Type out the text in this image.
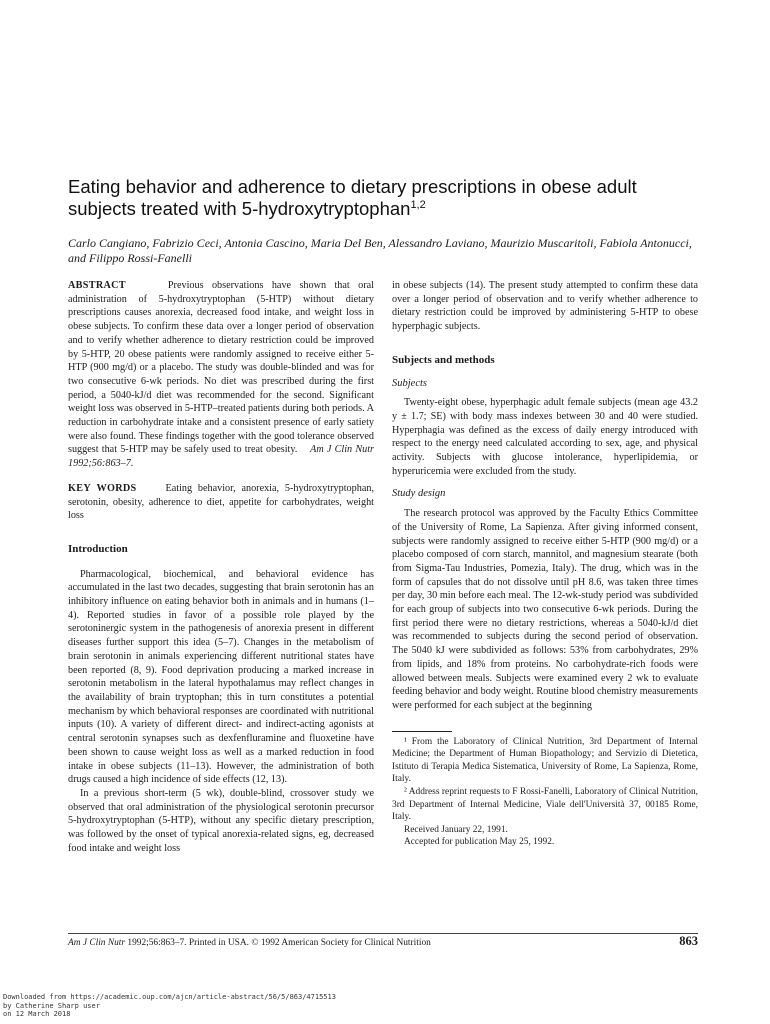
Eating behavior and adherence to dietary prescriptions in obese adult subjects treated with 5-hydroxytryptophan$^{1,2}$
Carlo Cangiano, Fabrizio Ceci, Antonia Cascino, Maria Del Ben, Alessandro Laviano, Maurizio Muscaritoli, Fabiola Antonucci, and Filippo Rossi-Fanelli

ABSTRACT	Previous observations have shown that oral administration of 5-hydroxytryptophan (5-HTP) without dietary prescriptions causes anorexia, decreased food intake, and weight loss in obese subjects. To confirm these data over a longer period of observation and to verify whether adherence to dietary restriction could be improved by 5-HTP, 20 obese patients were randomly assigned to receive either 5-HTP (900 mg/d) or a placebo. The study was double-blinded and was for two consecutive 6-wk periods. No diet was prescribed during the first period, a 5040-kJ/d diet was recommended for the second. Significant weight loss was observed in 5-HTP–treated patients during both periods. A reduction in carbohydrate intake and a consistent presence of early satiety were also found. These findings together with the good tolerance observed suggest that 5-HTP may be safely used to treat obesity. Am J Clin Nutr 1992;56:863–7.

KEY WORDS	Eating behavior, anorexia, 5-hydroxytryptophan, serotonin, obesity, adherence to diet, appetite for carbohydrates, weight loss

Introduction

Pharmacological, biochemical, and behavioral evidence has accumulated in the last two decades, suggesting that brain serotonin has an inhibitory influence on eating behavior both in animals and in humans (1–4). Reported studies in favor of a possible role played by the serotoninergic system in the pathogenesis of anorexia present in different diseases further support this idea (5–7). Changes in the metabolism of brain serotonin in animals experiencing different nutritional states have been reported (8, 9). Food deprivation producing a marked increase in serotonin metabolism in the lateral hypothalamus may reflect changes in the availability of brain tryptophan; this in turn constitutes a potential mechanism by which behavioral responses are coordinated with nutritional inputs (10). A variety of different direct- and indirect-acting agonists at central serotonin synapses such as dexfenfluramine and fluoxetine have been shown to cause weight loss as well as a marked reduction in food intake in obese subjects (11–13). However, the administration of both drugs caused a high incidence of side effects (12, 13).

In a previous short-term (5 wk), double-blind, crossover study we observed that oral administration of the physiological serotonin precursor 5-hydroxytryptophan (5-HTP), without any specific dietary prescription, was followed by the onset of typical anorexia-related signs, eg, decreased food intake and weight loss

in obese subjects (14). The present study attempted to confirm these data over a longer period of observation and to verify whether adherence to dietary restriction could be improved by administering 5-HTP to obese hyperphagic subjects.

Subjects and methods

Subjects

Twenty-eight obese, hyperphagic adult female subjects (mean age 43.2 y ± 1.7; SE) with body mass indexes between 30 and 40 were studied. Hyperphagia was defined as the excess of daily energy introduced with respect to the energy need calculated according to sex, age, and physical activity. Subjects with glucose intolerance, hyperlipidemia, or hyperuricemia were excluded from the study.

Study design

The research protocol was approved by the Faculty Ethics Committee of the University of Rome, La Sapienza. After giving informed consent, subjects were randomly assigned to receive either 5-HTP (900 mg/d) or a placebo composed of corn starch, mannitol, and magnesium stearate (both from Sigma-Tau Industries, Pomezia, Italy). The drug, which was in the form of capsules that do not dissolve until pH 8.6, was taken three times per day, 30 min before each meal. The 12-wk-study period was subdivided for each group of subjects into two consecutive 6-wk periods. During the first period there were no dietary restrictions, whereas a 5040-kJ/d diet was recommended to subjects during the second period of observation. The 5040 kJ were subdivided as follows: 53% from carbohydrates, 29% from lipids, and 18% from proteins. No carbohydrate-rich foods were allowed between meals. Subjects were examined every 2 wk to evaluate feeding behavior and body weight. Routine blood chemistry measurements were performed for each subject at the beginning

¹ From the Laboratory of Clinical Nutrition, 3rd Department of Internal Medicine; the Department of Human Biopathology; and Servizio di Dietetica, Istituto di Terapia Medica Sistematica, University of Rome, La Sapienza, Rome, Italy.

² Address reprint requests to F Rossi-Fanelli, Laboratory of Clinical Nutrition, 3rd Department of Internal Medicine, Viale dell'Università 37, 00185 Rome, Italy.

Received January 22, 1991.

Accepted for publication May 25, 1992.

Am J Clin Nutr 1992;56:863–7. Printed in USA. © 1992 American Society for Clinical Nutrition	863
Downloaded from https://academic.oup.com/ajcn/article-abstract/56/5/863/4715513
by Catherine Sharp user
on 12 March 2018
